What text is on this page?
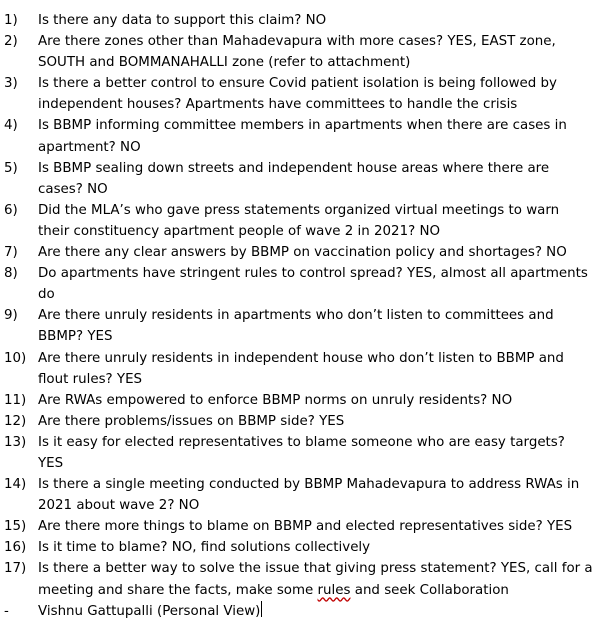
1)	Is there any data to support this claim? NO
2)	Are there zones other than Mahadevapura with more cases? YES, EAST zone, SOUTH and BOMMANAHALLI zone (refer to attachment)
3)	Is there a better control to ensure Covid patient isolation is being followed by independent houses? Apartments have committees to handle the crisis
4)	Is BBMP informing committee members in apartments when there are cases in apartment? NO
5)	Is BBMP sealing down streets and independent house areas where there are cases? NO
6)	Did the MLA’s who gave press statements organized virtual meetings to warn their constituency apartment people of wave 2 in 2021? NO
7)	Are there any clear answers by BBMP on vaccination policy and shortages? NO
8)	Do apartments have stringent rules to control spread? YES, almost all apartments do
9)	Are there unruly residents in apartments who don’t listen to committees and BBMP? YES
10) Are there unruly residents in independent house who don’t listen to BBMP and flout rules? YES
11) Are RWAs empowered to enforce BBMP norms on unruly residents? NO
12) Are there problems/issues on BBMP side? YES
13) Is it easy for elected representatives to blame someone who are easy targets? YES
14) Is there a single meeting conducted by BBMP Mahadevapura to address RWAs in 2021 about wave 2? NO
15) Are there more things to blame on BBMP and elected representatives side? YES
16) Is it time to blame? NO, find solutions collectively
17) Is there a better way to solve the issue that giving press statement? YES, call for a meeting and share the facts, make some rules and seek Collaboration
-	Vishnu Gattupalli (Personal View)
